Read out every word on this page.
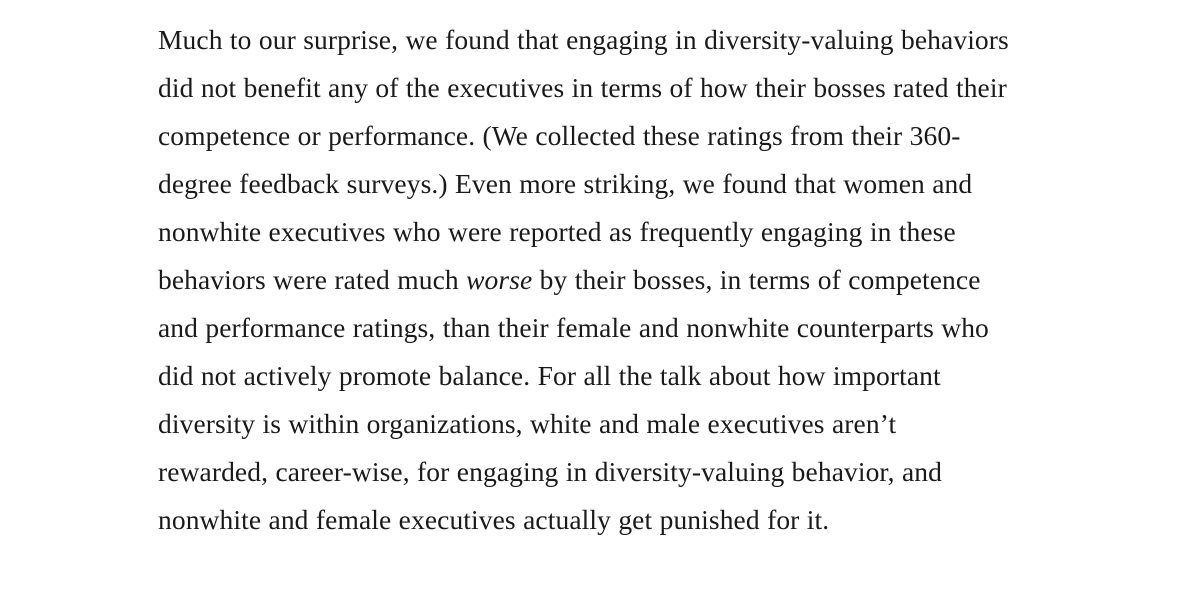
Much to our surprise, we found that engaging in diversity-valuing behaviors did not benefit any of the executives in terms of how their bosses rated their competence or performance. (We collected these ratings from their 360-degree feedback surveys.) Even more striking, we found that women and nonwhite executives who were reported as frequently engaging in these behaviors were rated much worse by their bosses, in terms of competence and performance ratings, than their female and nonwhite counterparts who did not actively promote balance. For all the talk about how important diversity is within organizations, white and male executives aren’t rewarded, career-wise, for engaging in diversity-valuing behavior, and nonwhite and female executives actually get punished for it.
